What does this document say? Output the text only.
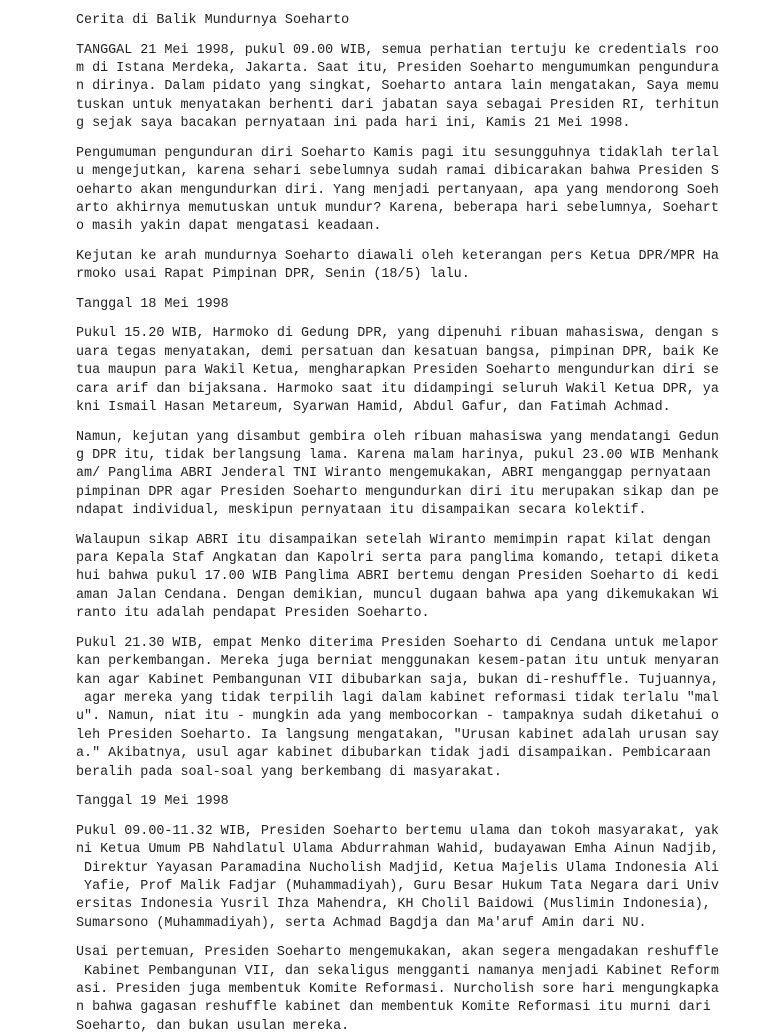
Cerita di Balik Mundurnya Soeharto
TANGGAL 21 Mei 1998, pukul 09.00 WIB, semua perhatian tertuju ke credentials roo
m di Istana Merdeka, Jakarta. Saat itu, Presiden Soeharto mengumumkan pengundura
n dirinya. Dalam pidato yang singkat, Soeharto antara lain mengatakan, Saya memu
tuskan untuk menyatakan berhenti dari jabatan saya sebagai Presiden RI, terhitun
g sejak saya bacakan pernyataan ini pada hari ini, Kamis 21 Mei 1998.
Pengumuman pengunduran diri Soeharto Kamis pagi itu sesungguhnya tidaklah terlal
u mengejutkan, karena sehari sebelumnya sudah ramai dibicarakan bahwa Presiden S
oeharto akan mengundurkan diri. Yang menjadi pertanyaan, apa yang mendorong Soeh
arto akhirnya memutuskan untuk mundur? Karena, beberapa hari sebelumnya, Soehart
o masih yakin dapat mengatasi keadaan.
Kejutan ke arah mundurnya Soeharto diawali oleh keterangan pers Ketua DPR/MPR Ha
rmoko usai Rapat Pimpinan DPR, Senin (18/5) lalu.
Tanggal 18 Mei 1998
Pukul 15.20 WIB, Harmoko di Gedung DPR, yang dipenuhi ribuan mahasiswa, dengan s
uara tegas menyatakan, demi persatuan dan kesatuan bangsa, pimpinan DPR, baik Ke
tua maupun para Wakil Ketua, mengharapkan Presiden Soeharto mengundurkan diri se
cara arif dan bijaksana. Harmoko saat itu didampingi seluruh Wakil Ketua DPR, ya
kni Ismail Hasan Metareum, Syarwan Hamid, Abdul Gafur, dan Fatimah Achmad.
Namun, kejutan yang disambut gembira oleh ribuan mahasiswa yang mendatangi Gedun
g DPR itu, tidak berlangsung lama. Karena malam harinya, pukul 23.00 WIB Menhank
am/ Panglima ABRI Jenderal TNI Wiranto mengemukakan, ABRI menganggap pernyataan
pimpinan DPR agar Presiden Soeharto mengundurkan diri itu merupakan sikap dan pe
ndapat individual, meskipun pernyataan itu disampaikan secara kolektif.
Walaupun sikap ABRI itu disampaikan setelah Wiranto memimpin rapat kilat dengan
para Kepala Staf Angkatan dan Kapolri serta para panglima komando, tetapi diketa
hui bahwa pukul 17.00 WIB Panglima ABRI bertemu dengan Presiden Soeharto di kedi
aman Jalan Cendana. Dengan demikian, muncul dugaan bahwa apa yang dikemukakan Wi
ranto itu adalah pendapat Presiden Soeharto.
Pukul 21.30 WIB, empat Menko diterima Presiden Soeharto di Cendana untuk melapor
kan perkembangan. Mereka juga berniat menggunakan kesem-patan itu untuk menyaran
kan agar Kabinet Pembangunan VII dibubarkan saja, bukan di-reshuffle. Tujuannya,
agar mereka yang tidak terpilih lagi dalam kabinet reformasi tidak terlalu "mal
u". Namun, niat itu - mungkin ada yang membocorkan - tampaknya sudah diketahui o
leh Presiden Soeharto. Ia langsung mengatakan, "Urusan kabinet adalah urusan say
a." Akibatnya, usul agar kabinet dibubarkan tidak jadi disampaikan. Pembicaraan
beralih pada soal-soal yang berkembang di masyarakat.
Tanggal 19 Mei 1998
Pukul 09.00-11.32 WIB, Presiden Soeharto bertemu ulama dan tokoh masyarakat, yak
ni Ketua Umum PB Nahdlatul Ulama Abdurrahman Wahid, budayawan Emha Ainun Nadjib,
Direktur Yayasan Paramadina Nucholish Madjid, Ketua Majelis Ulama Indonesia Ali
Yafie, Prof Malik Fadjar (Muhammadiyah), Guru Besar Hukum Tata Negara dari Univ
ersitas Indonesia Yusril Ihza Mahendra, KH Cholil Baidowi (Muslimin Indonesia),
Sumarsono (Muhammadiyah), serta Achmad Bagdja dan Ma'aruf Amin dari NU.
Usai pertemuan, Presiden Soeharto mengemukakan, akan segera mengadakan reshuffle
Kabinet Pembangunan VII, dan sekaligus mengganti namanya menjadi Kabinet Reform
asi. Presiden juga membentuk Komite Reformasi. Nurcholish sore hari mengungkapka
n bahwa gagasan reshuffle kabinet dan membentuk Komite Reformasi itu murni dari
Soeharto, dan bukan usulan mereka.
